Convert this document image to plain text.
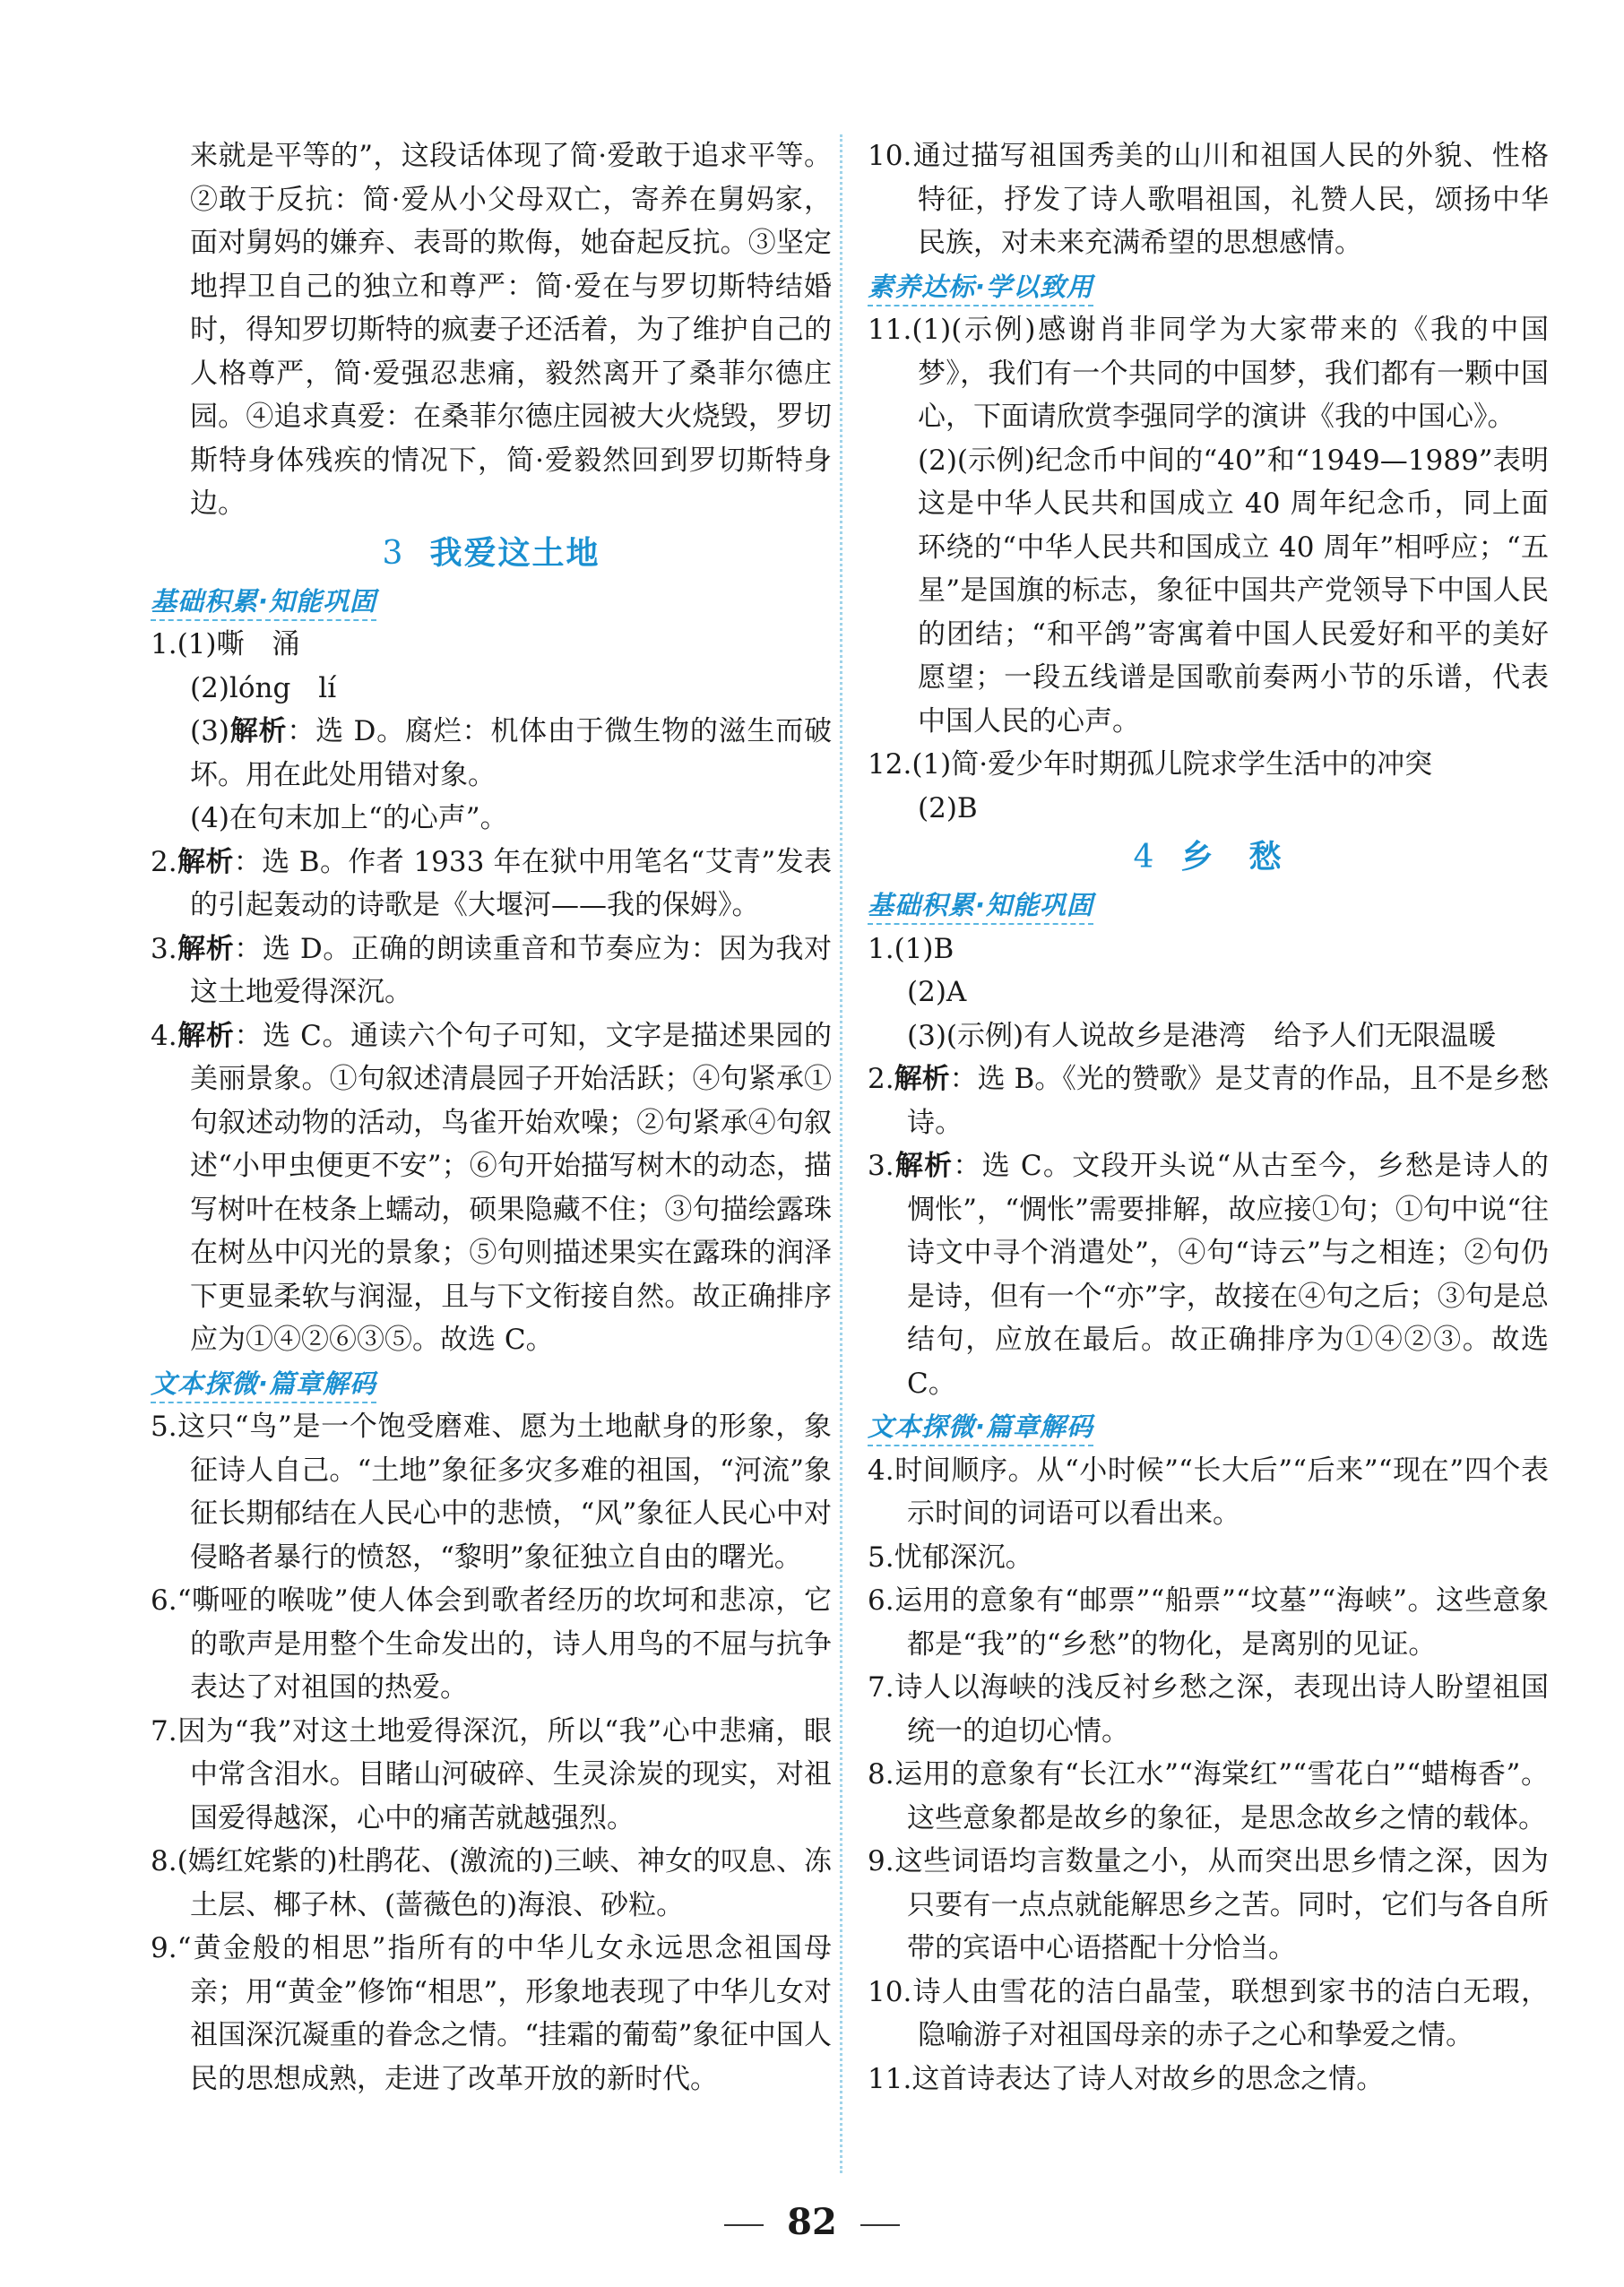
来就是平等的”，这段话体现了简·爱敢于追求平等。②敢于反抗：简·爱从小父母双亡，寄养在舅妈家，面对舅妈的嫌弃、表哥的欺侮，她奋起反抗。③坚定地捍卫自己的独立和尊严：简·爱在与罗切斯特结婚时，得知罗切斯特的疯妻子还活着，为了维护自己的人格尊严，简·爱强忍悲痛，毅然离开了桑菲尔德庄园。④追求真爱：在桑菲尔德庄园被大火烧毁，罗切斯特身体残疾的情况下，简·爱毅然回到罗切斯特身边。

3 我爱这土地
基础积累·知能巩固

1.(1)嘶　涌

(2)lóng　lí

(3)解析：选 D。腐烂：机体由于微生物的滋生而破坏。用在此处用错对象。

(4)在句末加上“的心声”。

2.解析：选 B。作者 1933 年在狱中用笔名“艾青”发表的引起轰动的诗歌是《大堰河——我的保姆》。

3.解析：选 D。正确的朗读重音和节奏应为：因为我对这土地爱得深沉。

4.解析：选 C。通读六个句子可知，文字是描述果园的美丽景象。①句叙述清晨园子开始活跃；④句紧承①句叙述动物的活动，鸟雀开始欢噪；②句紧承④句叙述“小甲虫便更不安”；⑥句开始描写树木的动态，描写树叶在枝条上蠕动，硕果隐藏不住；③句描绘露珠在树丛中闪光的景象；⑤句则描述果实在露珠的润泽下更显柔软与润湿，且与下文衔接自然。故正确排序应为①④②⑥③⑤。故选 C。

文本探微·篇章解码

5.这只“鸟”是一个饱受磨难、愿为土地献身的形象，象征诗人自己。“土地”象征多灾多难的祖国，“河流”象征长期郁结在人民心中的悲愤，“风”象征人民心中对侵略者暴行的愤怒，“黎明”象征独立自由的曙光。

6.“嘶哑的喉咙”使人体会到歌者经历的坎坷和悲凉，它的歌声是用整个生命发出的，诗人用鸟的不屈与抗争表达了对祖国的热爱。

7.因为“我”对这土地爱得深沉，所以“我”心中悲痛，眼中常含泪水。目睹山河破碎、生灵涂炭的现实，对祖国爱得越深，心中的痛苦就越强烈。

8.(嫣红姹紫的)杜鹃花、(激流的)三峡、神女的叹息、冻土层、椰子林、(蔷薇色的)海浪、砂粒。

9.“黄金般的相思”指所有的中华儿女永远思念祖国母亲；用“黄金”修饰“相思”，形象地表现了中华儿女对祖国深沉凝重的眷念之情。“挂霜的葡萄”象征中国人民的思想成熟，走进了改革开放的新时代。

10.通过描写祖国秀美的山川和祖国人民的外貌、性格特征，抒发了诗人歌唱祖国，礼赞人民，颂扬中华民族，对未来充满希望的思想感情。

素养达标·学以致用

11.(1)(示例)感谢肖非同学为大家带来的《我的中国梦》，我们有一个共同的中国梦，我们都有一颗中国心，下面请欣赏李强同学的演讲《我的中国心》。

(2)(示例)纪念币中间的“40”和“1949—1989”表明这是中华人民共和国成立 40 周年纪念币，同上面环绕的“中华人民共和国成立 40 周年”相呼应；“五星”是国旗的标志，象征中国共产党领导下中国人民的团结；“和平鸽”寄寓着中国人民爱好和平的美好愿望；一段五线谱是国歌前奏两小节的乐谱，代表中国人民的心声。

12.(1)简·爱少年时期孤儿院求学生活中的冲突

(2)B

4 乡　愁
基础积累·知能巩固

1.(1)B

(2)A

(3)(示例)有人说故乡是港湾　给予人们无限温暖

2.解析：选 B。《光的赞歌》是艾青的作品，且不是乡愁诗。

3.解析：选 C。文段开头说“从古至今，乡愁是诗人的惆怅”，“惆怅”需要排解，故应接①句；①句中说“往诗文中寻个消遣处”，④句“诗云”与之相连；②句仍是诗，但有一个“亦”字，故接在④句之后；③句是总结句，应放在最后。故正确排序为①④②③。故选 C。

文本探微·篇章解码

4.时间顺序。从“小时候”“长大后”“后来”“现在”四个表示时间的词语可以看出来。

5.忧郁深沉。

6.运用的意象有“邮票”“船票”“坟墓”“海峡”。这些意象都是“我”的“乡愁”的物化，是离别的见证。

7.诗人以海峡的浅反衬乡愁之深，表现出诗人盼望祖国统一的迫切心情。

8.运用的意象有“长江水”“海棠红”“雪花白”“蜡梅香”。这些意象都是故乡的象征，是思念故乡之情的载体。

9.这些词语均言数量之小，从而突出思乡情之深，因为只要有一点点就能解思乡之苦。同时，它们与各自所带的宾语中心语搭配十分恰当。

10.诗人由雪花的洁白晶莹，联想到家书的洁白无瑕，隐喻游子对祖国母亲的赤子之心和挚爱之情。

11.这首诗表达了诗人对故乡的思念之情。

82
